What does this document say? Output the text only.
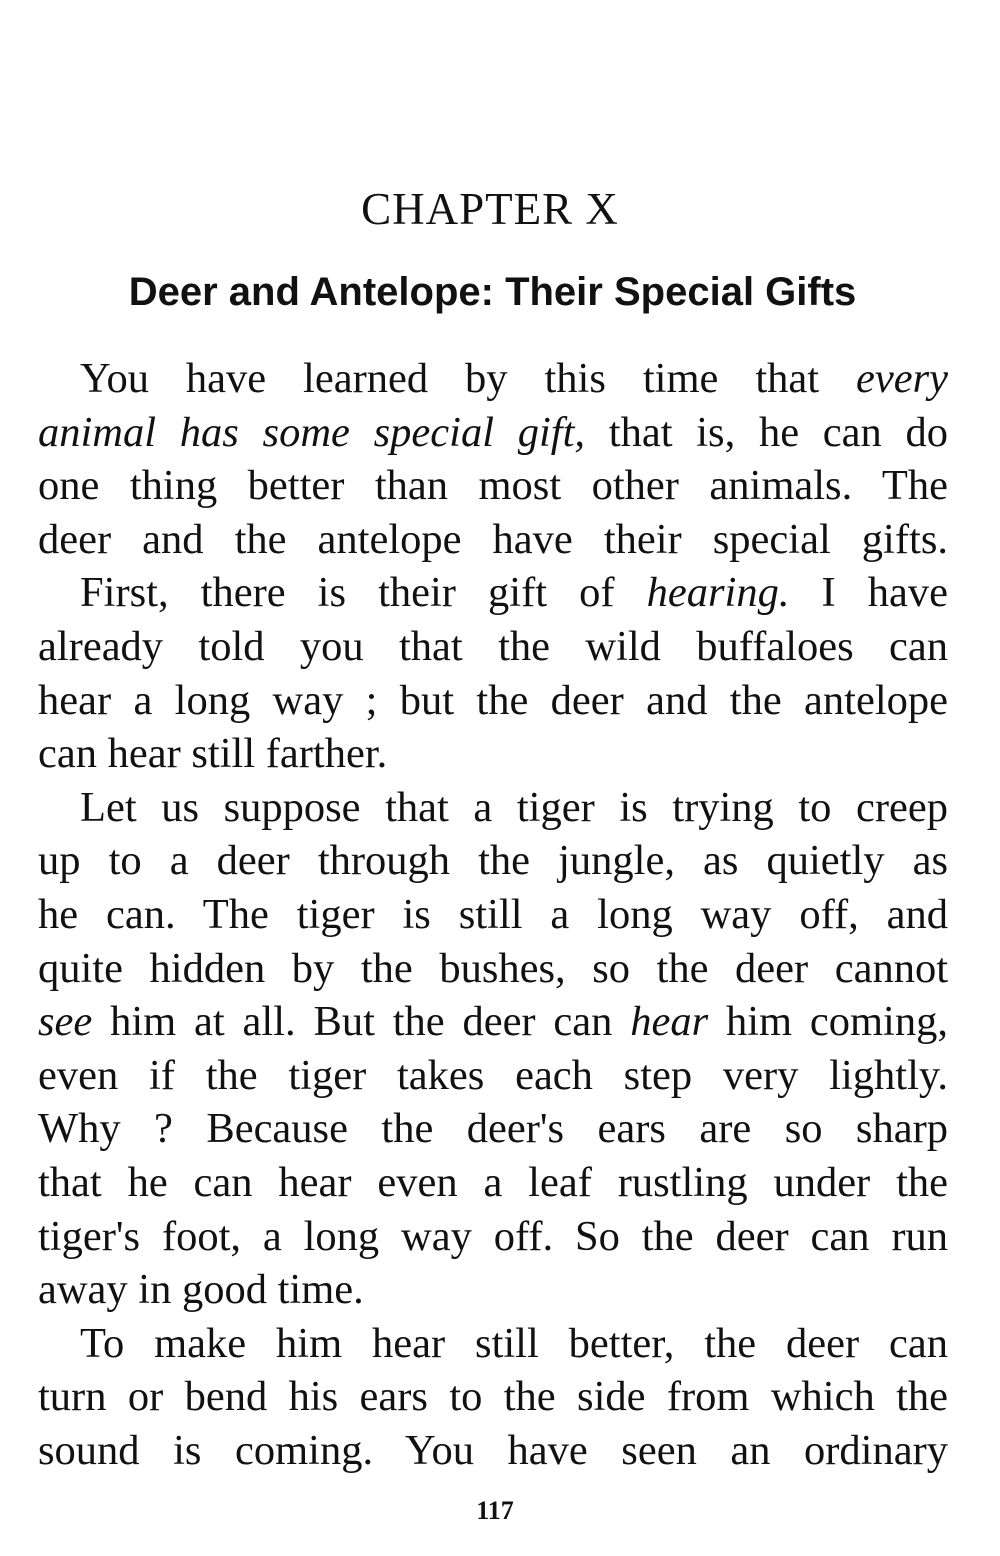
CHAPTER X
Deer and Antelope: Their Special Gifts
You have learned by this time that every
animal has some special gift, that is, he can do
one thing better than most other animals. The
deer and the antelope have their special gifts.
First, there is their gift of hearing. I have
already told you that the wild buffaloes can
hear a long way ; but the deer and the antelope
can hear still farther.
Let us suppose that a tiger is trying to creep
up to a deer through the jungle, as quietly as
he can. The tiger is still a long way off, and
quite hidden by the bushes, so the deer cannot
see him at all. But the deer can hear him coming,
even if the tiger takes each step very lightly.
Why ? Because the deer's ears are so sharp
that he can hear even a leaf rustling under the
tiger's foot, a long way off. So the deer can run
away in good time.
To make him hear still better, the deer can
turn or bend his ears to the side from which the
sound is coming. You have seen an ordinary
117
